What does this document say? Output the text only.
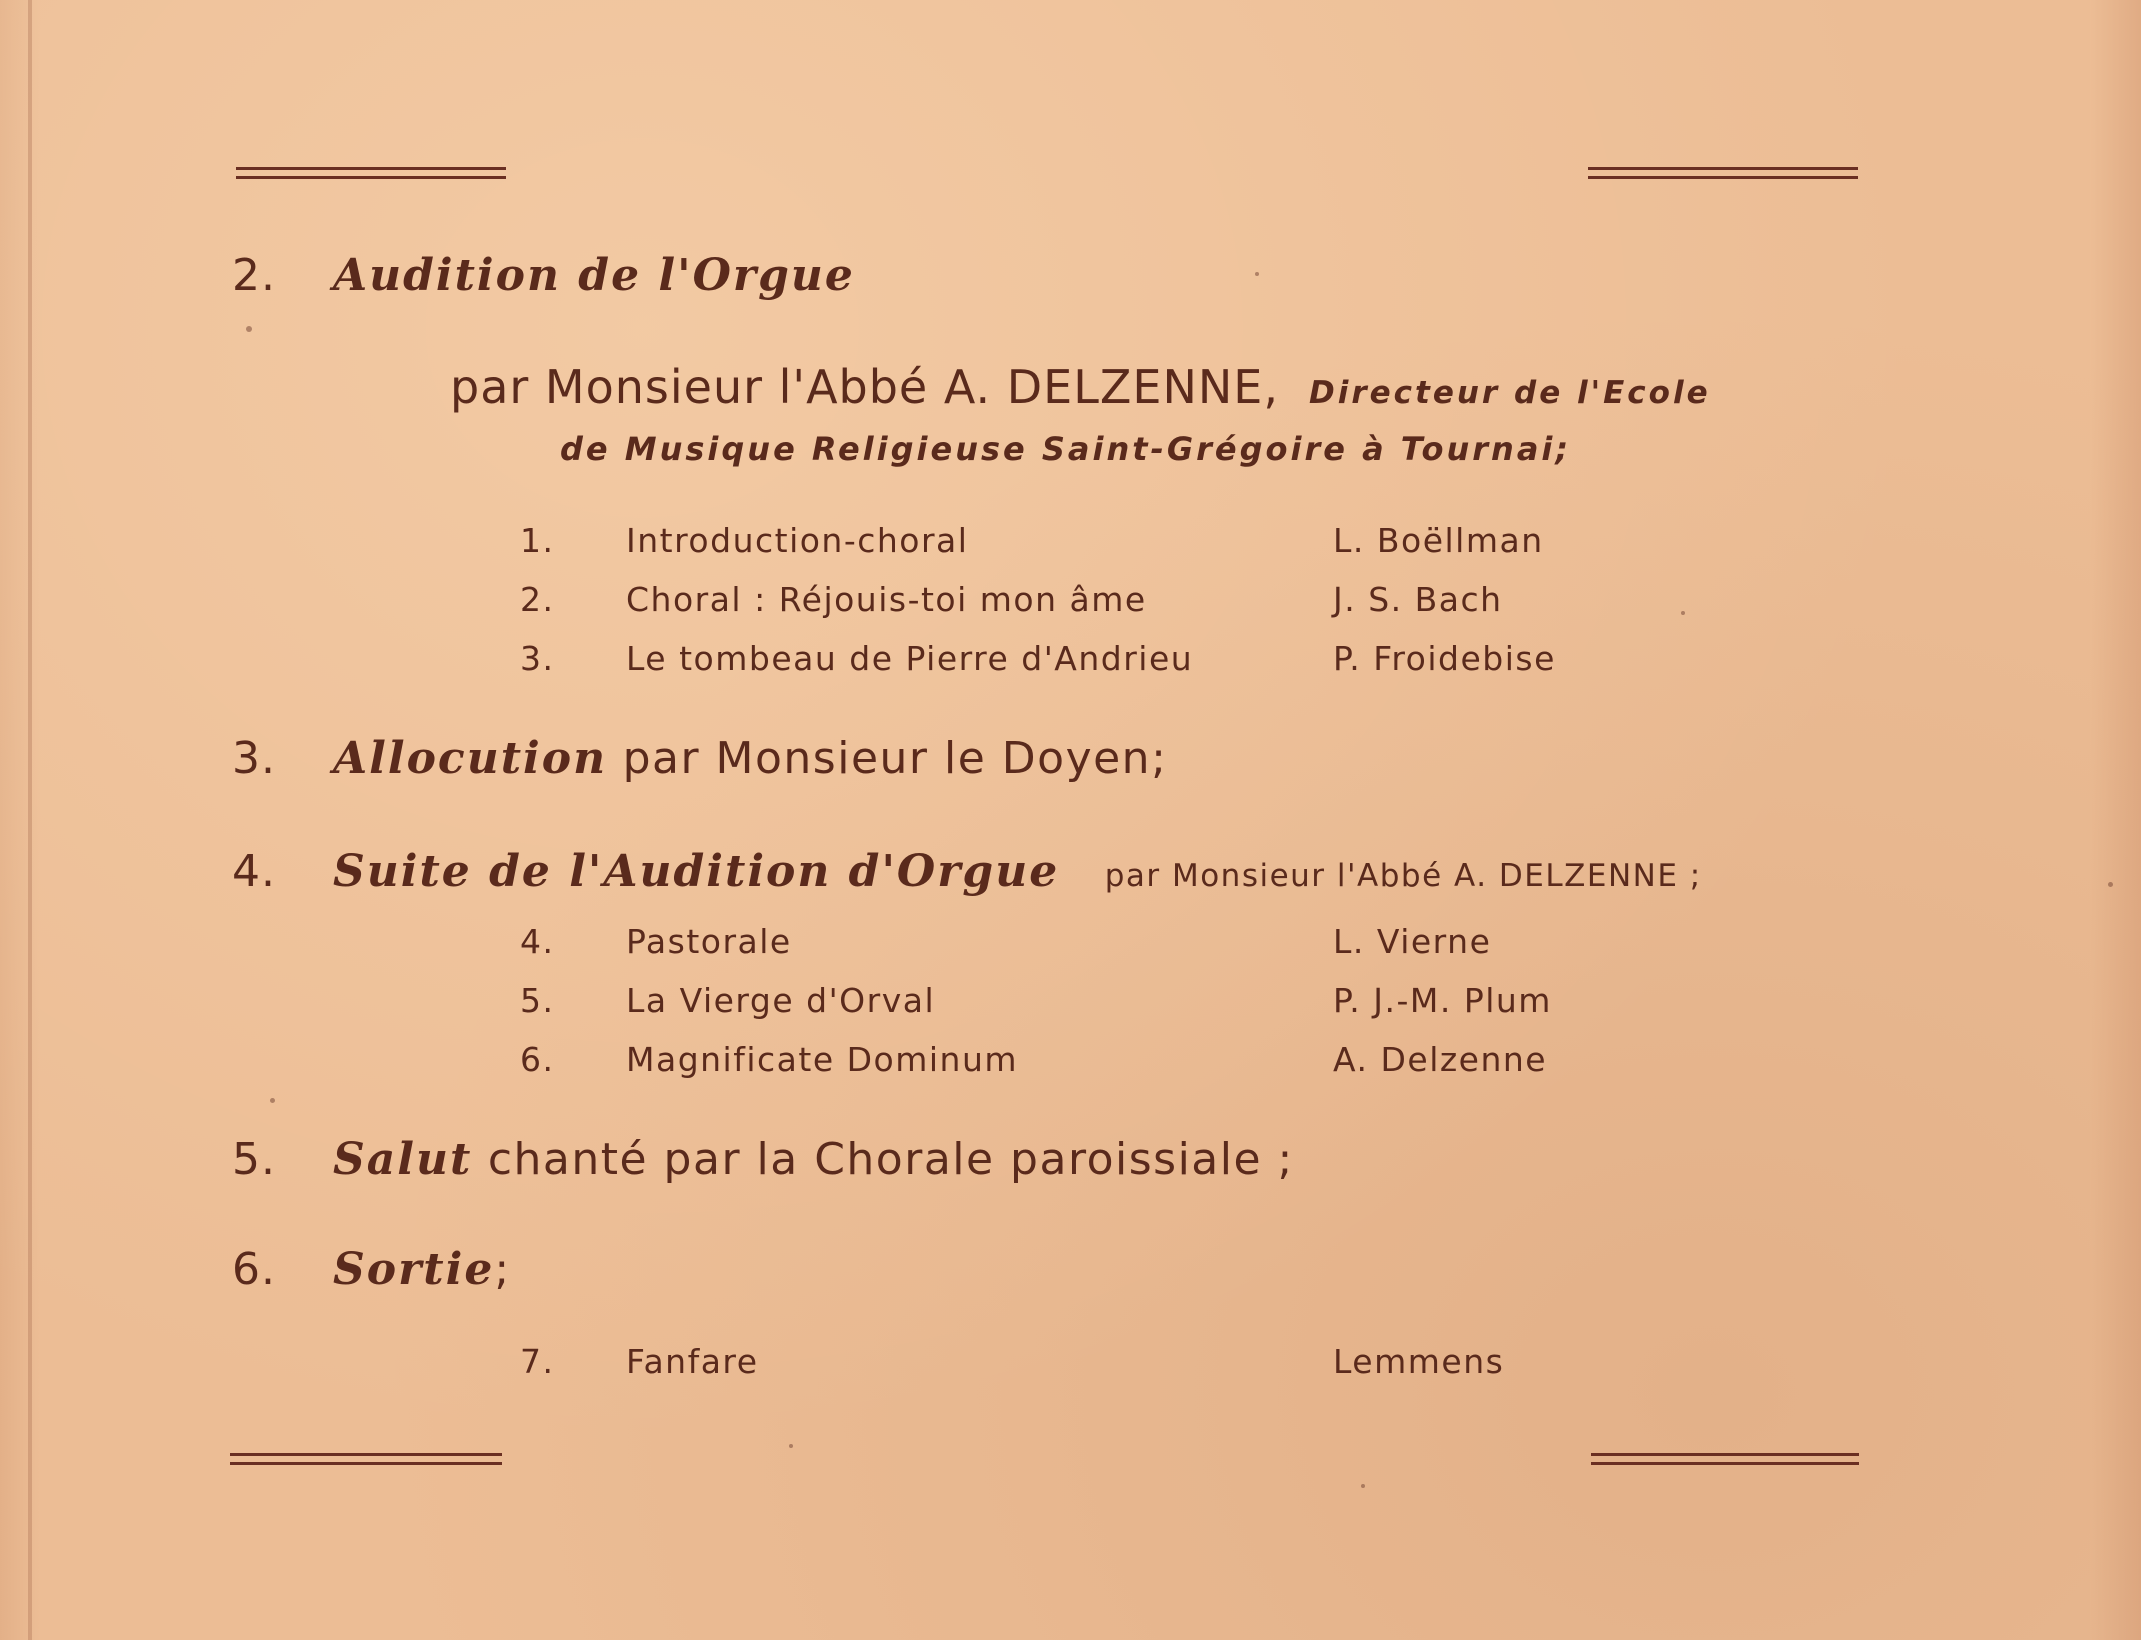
2. Audition de l'Orgue
par Monsieur l'Abbé A. DELZENNE, Directeur de l'Ecole
de Musique Religieuse Saint-Grégoire à Tournai;
1. Introduction-choral	L. Boëllman
2. Choral : Réjouis-toi mon âme	J. S. Bach
3. Le tombeau de Pierre d'Andrieu	P. Froidebise
3. Allocution par Monsieur le Doyen;
4. Suite de l'Audition d'Orgue par Monsieur l'Abbé A. DELZENNE ;
4. Pastorale	L. Vierne
5. La Vierge d'Orval	P. J.-M. Plum
6. Magnificate Dominum	A. Delzenne
5. Salut chanté par la Chorale paroissiale ;
6. Sortie;
7. Fanfare	Lemmens
